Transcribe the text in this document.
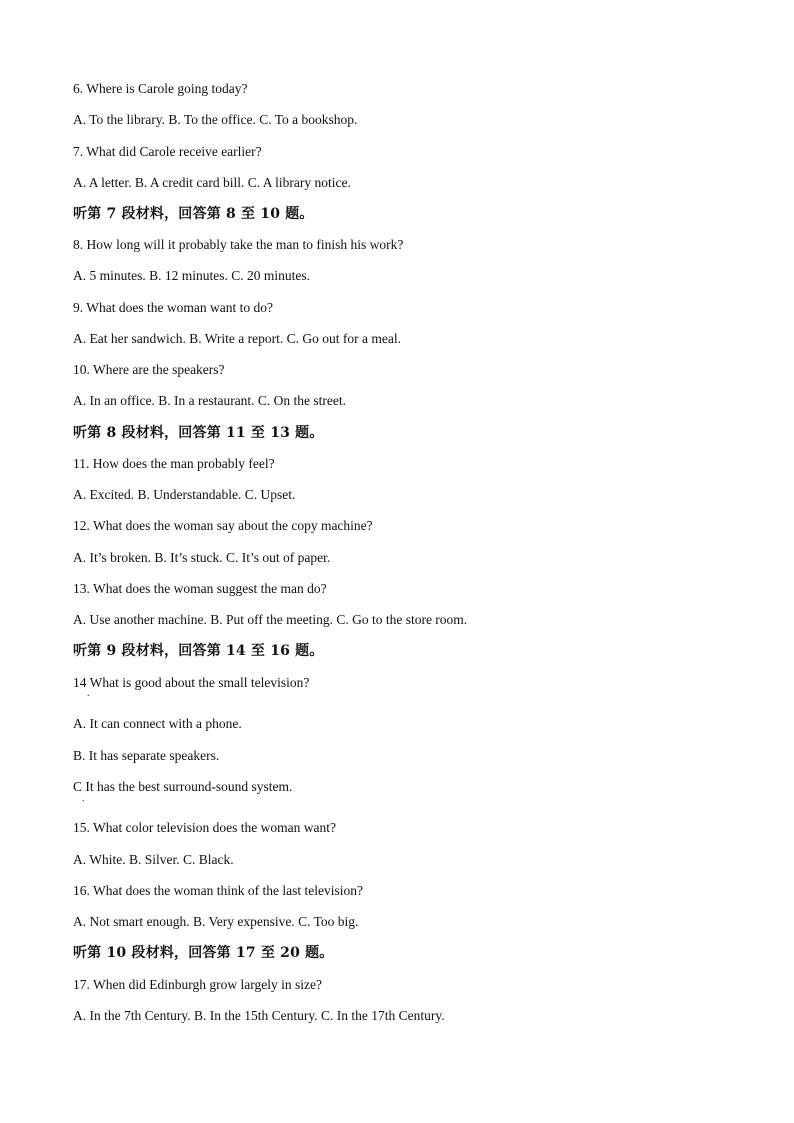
6. Where is Carole going today?
A. To the library. B. To the office. C. To a bookshop.
7. What did Carole receive earlier?
A. A letter. B. A credit card bill. C. A library notice.
听第 7 段材料，回答第 8 至 10 题。
8. How long will it probably take the man to finish his work?
A. 5 minutes. B. 12 minutes. C. 20 minutes.
9. What does the woman want to do?
A. Eat her sandwich. B. Write a report. C. Go out for a meal.
10. Where are the speakers?
A. In an office. B. In a restaurant. C. On the street.
听第 8 段材料，回答第 11 至 13 题。
11. How does the man probably feel?
A. Excited. B. Understandable. C. Upset.
12. What does the woman say about the copy machine?
A. It’s broken. B. It’s stuck. C. It’s out of paper.
13. What does the woman suggest the man do?
A. Use another machine. B. Put off the meeting. C. Go to the store room.
听第 9 段材料，回答第 14 至 16 题。
14 What is good about the small television?
.
A. It can connect with a phone.
B. It has separate speakers.
C It has the best surround-sound system.
.
15. What color television does the woman want?
A. White. B. Silver. C. Black.
16. What does the woman think of the last television?
A. Not smart enough. B. Very expensive. C. Too big.
听第 10 段材料，回答第 17 至 20 题。
17. When did Edinburgh grow largely in size?
A. In the 7th Century. B. In the 15th Century. C. In the 17th Century.
